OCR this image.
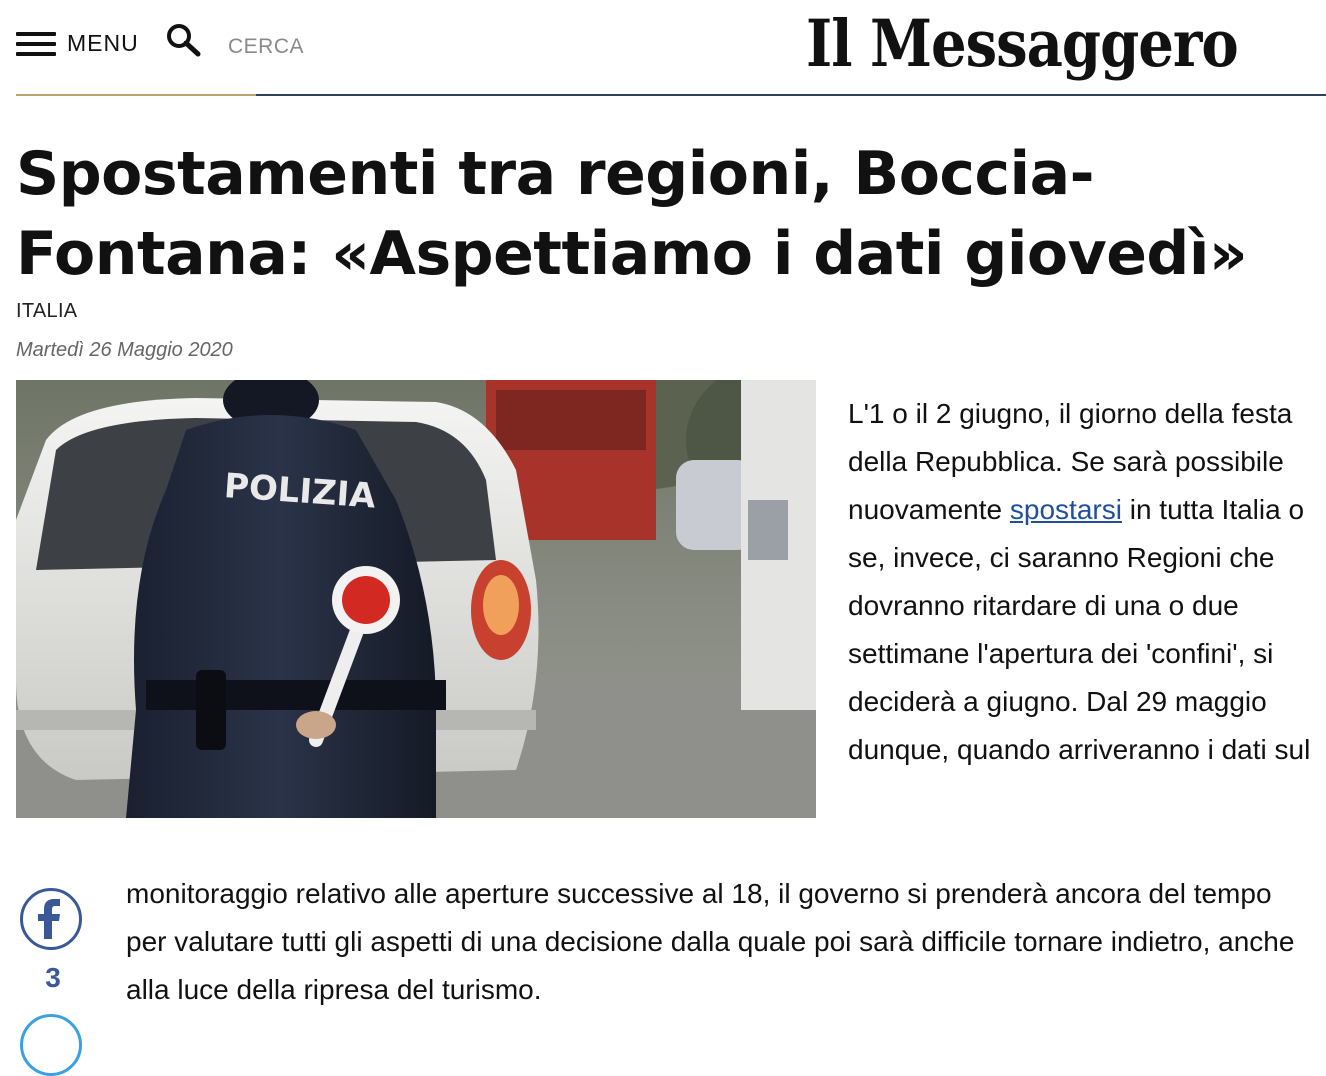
MENU	CERCA	Il Messaggero
Spostamenti tra regioni, Boccia-Fontana: «Aspettiamo i dati giovedì»
ITALIA
Martedì 26 Maggio 2020
POLIZIA

L'1 o il 2 giugno, il giorno della festa della Repubblica. Se sarà possibile nuovamente spostarsi in tutta Italia o se, invece, ci saranno Regioni che dovranno ritardare di una o due settimane l'apertura dei 'confini', si deciderà a giugno. Dal 29 maggio dunque, quando arriveranno i dati sul

monitoraggio relativo alle aperture successive al 18, il governo si prenderà ancora del tempo per valutare tutti gli aspetti di una decisione dalla quale poi sarà difficile tornare indietro, anche alla luce della ripresa del turismo.

3
